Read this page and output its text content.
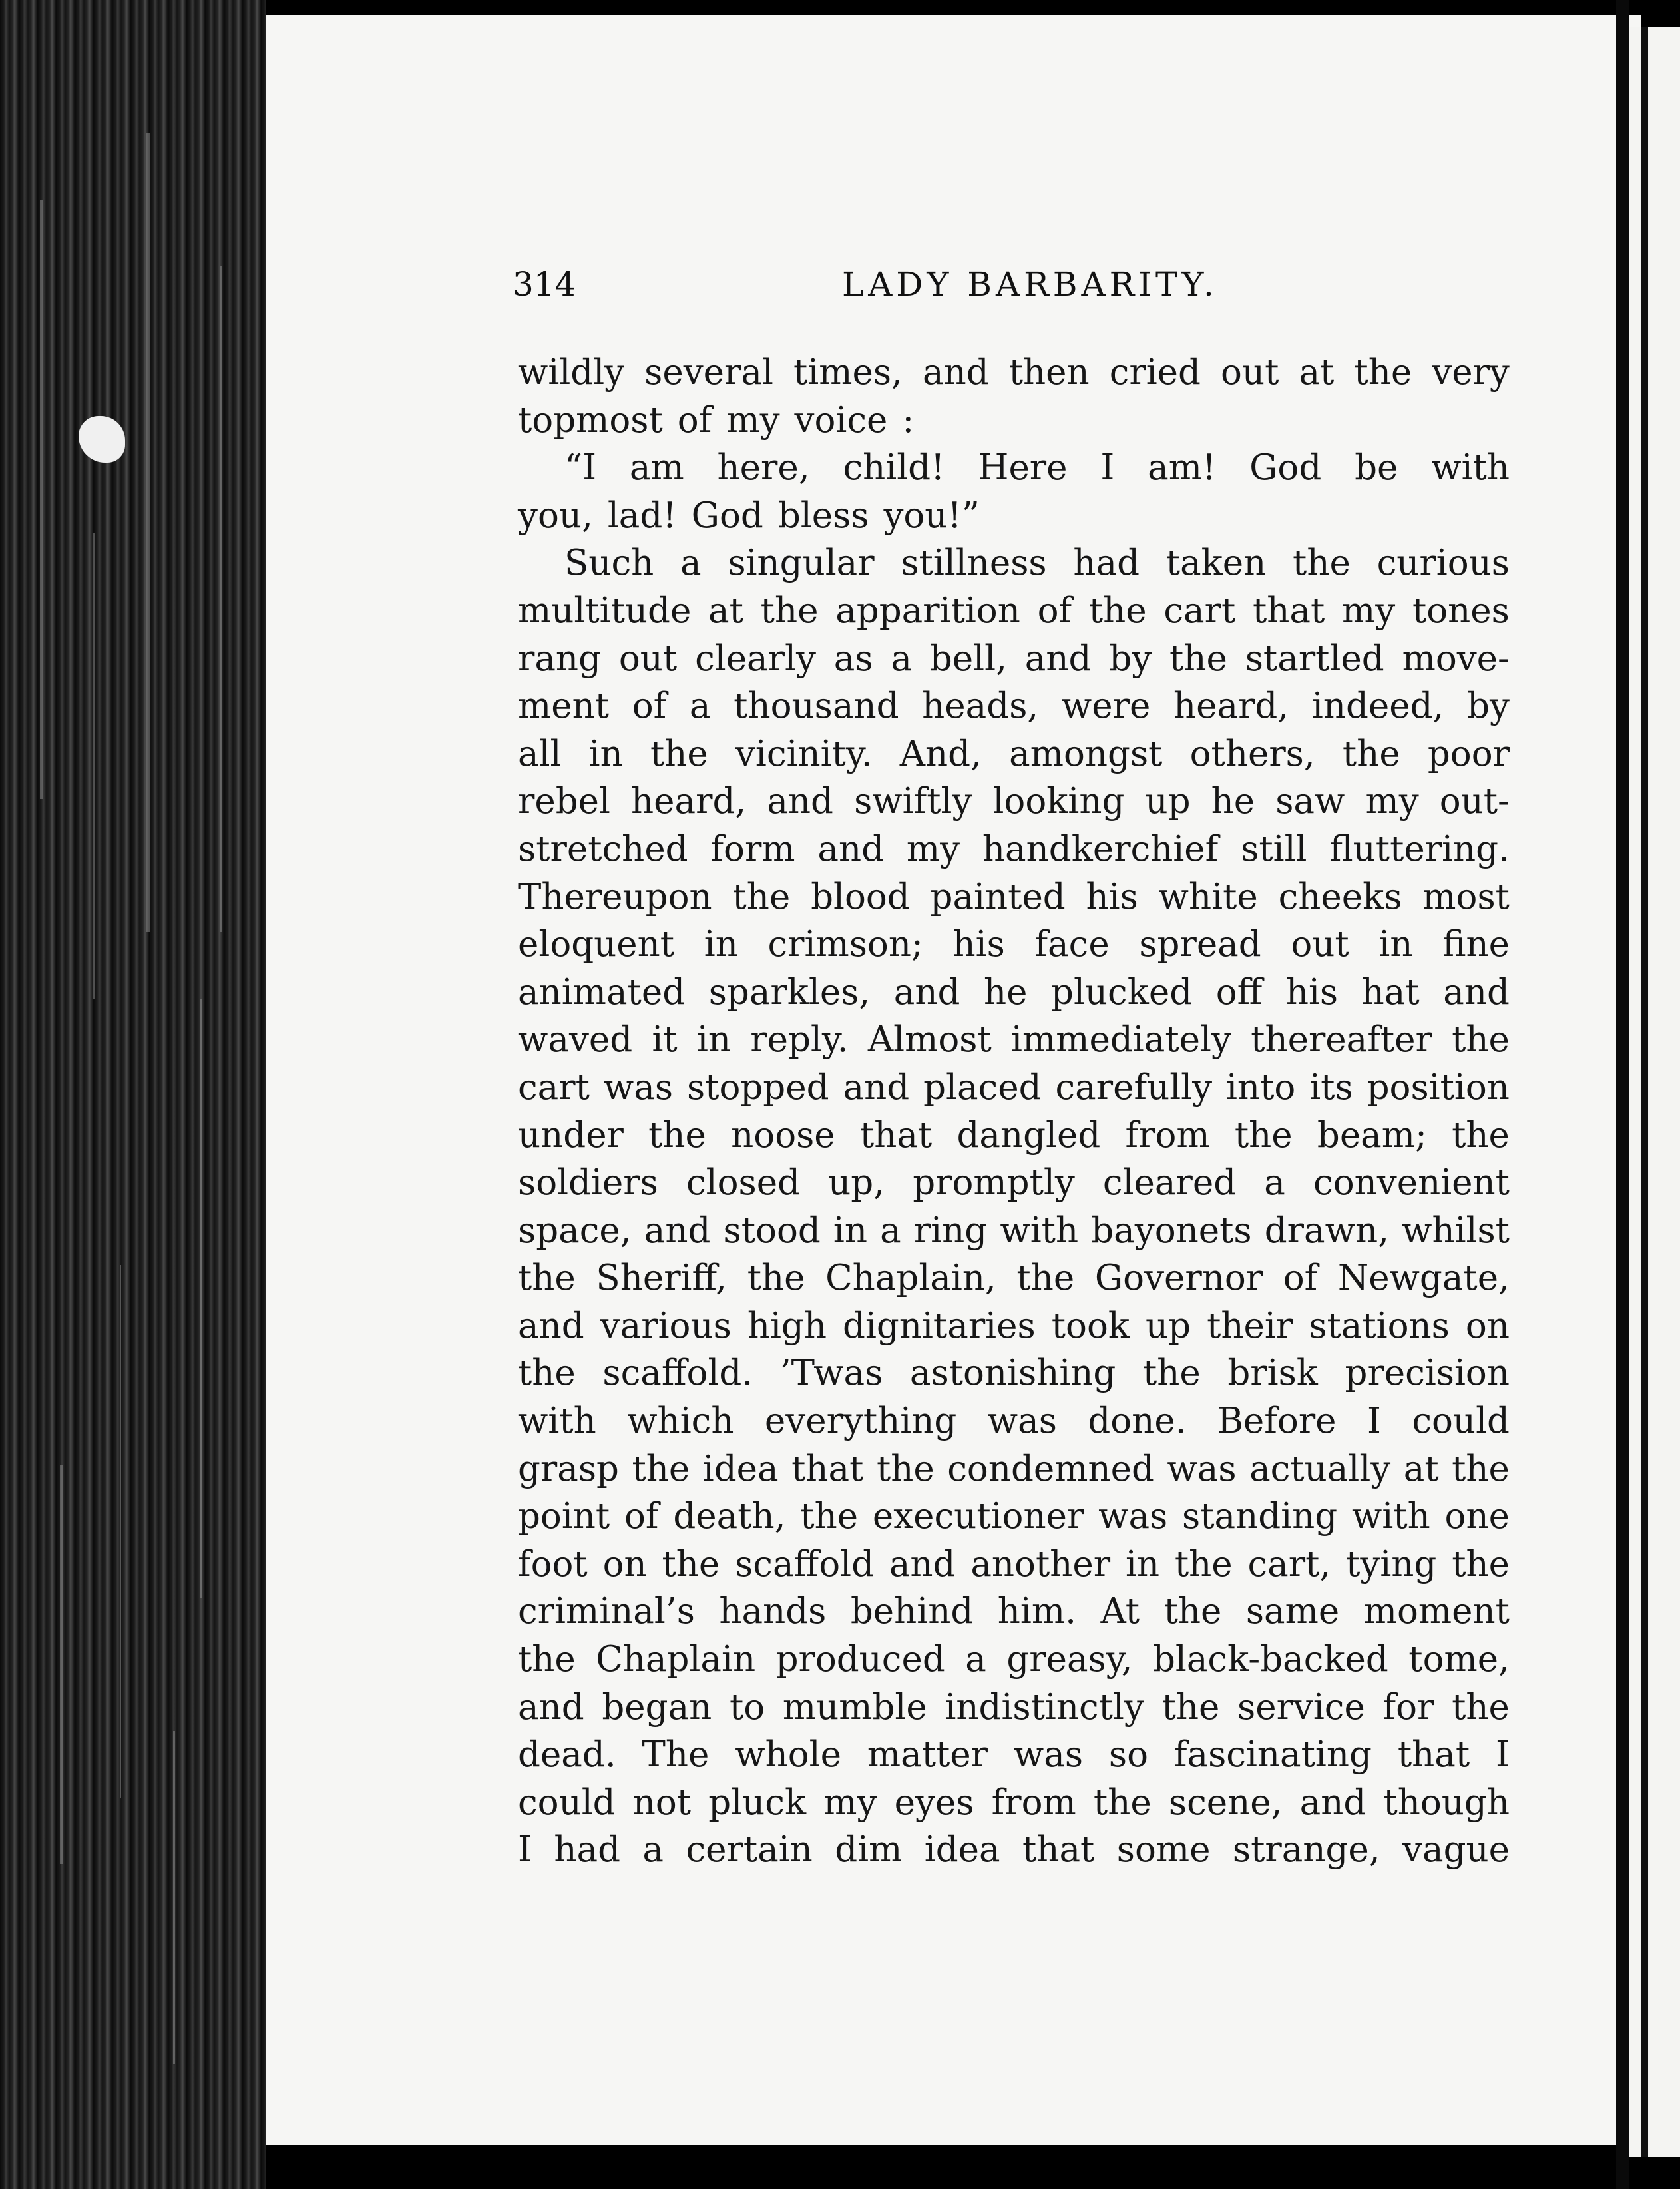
314	LADY BARBARITY.
wildly several times, and then cried out at the very
topmost of my voice :
“I am here, child! Here I am! God be with
you, lad! God bless you!”
Such a singular stillness had taken the curious
multitude at the apparition of the cart that my tones
rang out clearly as a bell, and by the startled move-
ment of a thousand heads, were heard, indeed, by
all in the vicinity. And, amongst others, the poor
rebel heard, and swiftly looking up he saw my out-
stretched form and my handkerchief still fluttering.
Thereupon the blood painted his white cheeks most
eloquent in crimson; his face spread out in fine
animated sparkles, and he plucked off his hat and
waved it in reply. Almost immediately thereafter the
cart was stopped and placed carefully into its position
under the noose that dangled from the beam; the
soldiers closed up, promptly cleared a convenient
space, and stood in a ring with bayonets drawn, whilst
the Sheriff, the Chaplain, the Governor of Newgate,
and various high dignitaries took up their stations on
the scaffold. ’Twas astonishing the brisk precision
with which everything was done. Before I could
grasp the idea that the condemned was actually at the
point of death, the executioner was standing with one
foot on the scaffold and another in the cart, tying the
criminal’s hands behind him. At the same moment
the Chaplain produced a greasy, black-backed tome,
and began to mumble indistinctly the service for the
dead. The whole matter was so fascinating that I
could not pluck my eyes from the scene, and though
I had a certain dim idea that some strange, vague
